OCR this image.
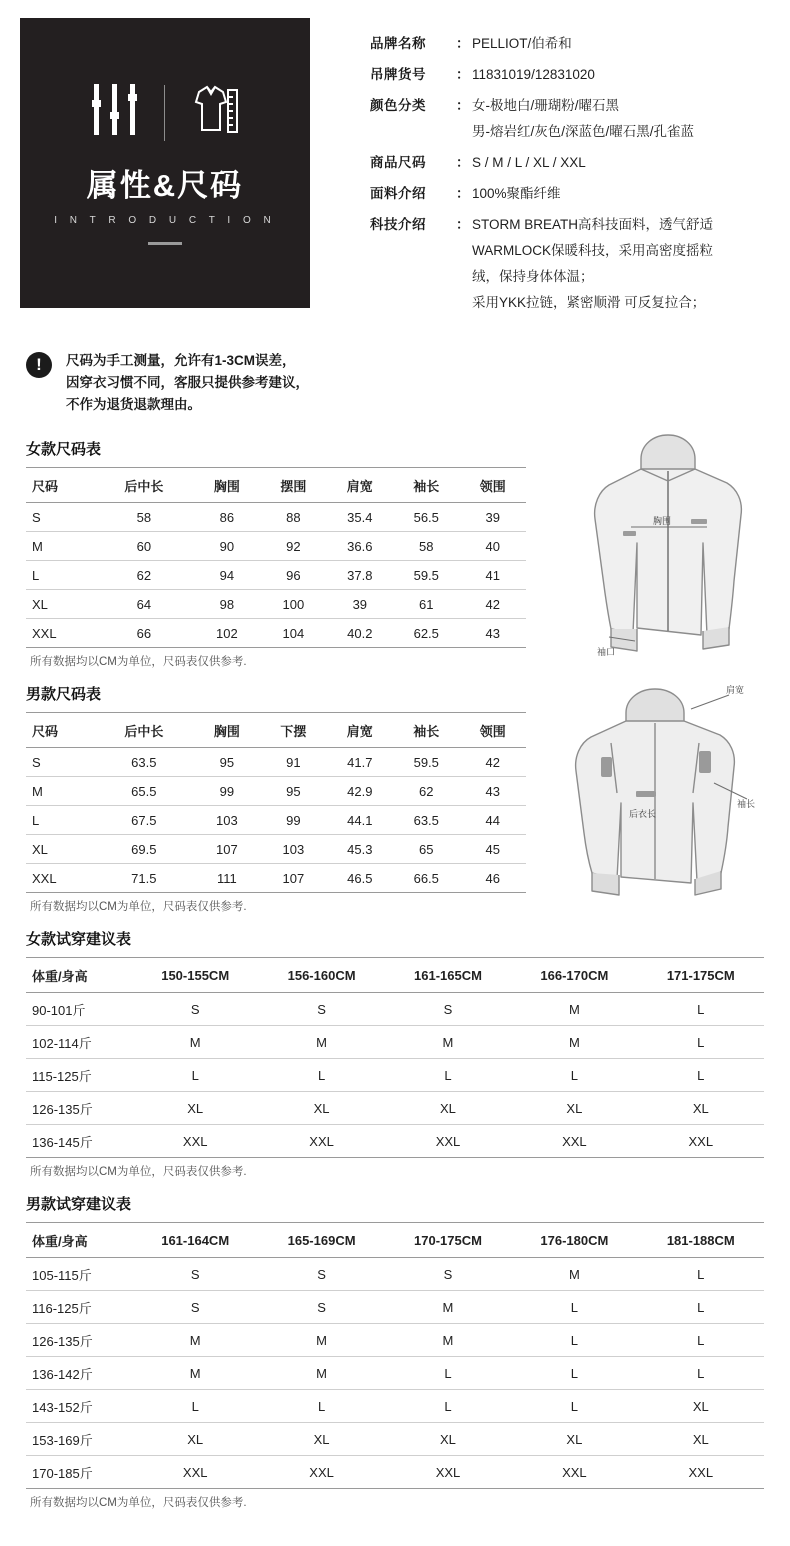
属性&尺码
I N T R O D U C T I O N
品牌名称	： PELLIOT/伯希和
吊牌货号	： 11831019/12831020
颜色分类	： 女-极地白/珊瑚粉/曜石黑
男-熔岩红/灰色/深蓝色/曜石黑/孔雀蓝
商品尺码	： S / M / L / XL / XXL
面料介绍	： 100%聚酯纤维
科技介绍	： STORM BREATH高科技面料，透气舒适
WARMLOCK保暖科技，采用高密度摇粒
绒，保持身体体温；
采用YKK拉链，紧密顺滑 可反复拉合；
!	尺码为手工测量，允许有1-3CM误差，
因穿衣习惯不同，客服只提供参考建议，
不作为退货退款理由。
女款尺码表
尺码	后中长	胸围	摆围	肩宽	袖长	领围
S	58	86	88	35.4	56.5	39
M	60	90	92	36.6	58	40
L	62	94	96	37.8	59.5	41
XL	64	98	100	39	61	42
XXL	66	102	104	40.2	62.5	43
所有数据均以CM为单位，尺码表仅供参考.
胸围
袖口
男款尺码表
尺码	后中长	胸围	下摆	肩宽	袖长	领围
S	63.5	95	91	41.7	59.5	42
M	65.5	99	95	42.9	62	43
L	67.5	103	99	44.1	63.5	44
XL	69.5	107	103	45.3	65	45
XXL	71.5	111	107	46.5	66.5	46
所有数据均以CM为单位，尺码表仅供参考.
肩宽
袖长
后衣长
女款试穿建议表
体重/身高	150-155CM	156-160CM	161-165CM	166-170CM	171-175CM
90-101斤	S	S	S	M	L
102-114斤	M	M	M	M	L
115-125斤	L	L	L	L	L
126-135斤	XL	XL	XL	XL	XL
136-145斤	XXL	XXL	XXL	XXL	XXL
所有数据均以CM为单位，尺码表仅供参考.
男款试穿建议表
体重/身高	161-164CM	165-169CM	170-175CM	176-180CM	181-188CM
105-115斤	S	S	S	M	L
116-125斤	S	S	M	L	L
126-135斤	M	M	M	L	L
136-142斤	M	M	L	L	L
143-152斤	L	L	L	L	XL
153-169斤	XL	XL	XL	XL	XL
170-185斤	XXL	XXL	XXL	XXL	XXL
所有数据均以CM为单位，尺码表仅供参考.
